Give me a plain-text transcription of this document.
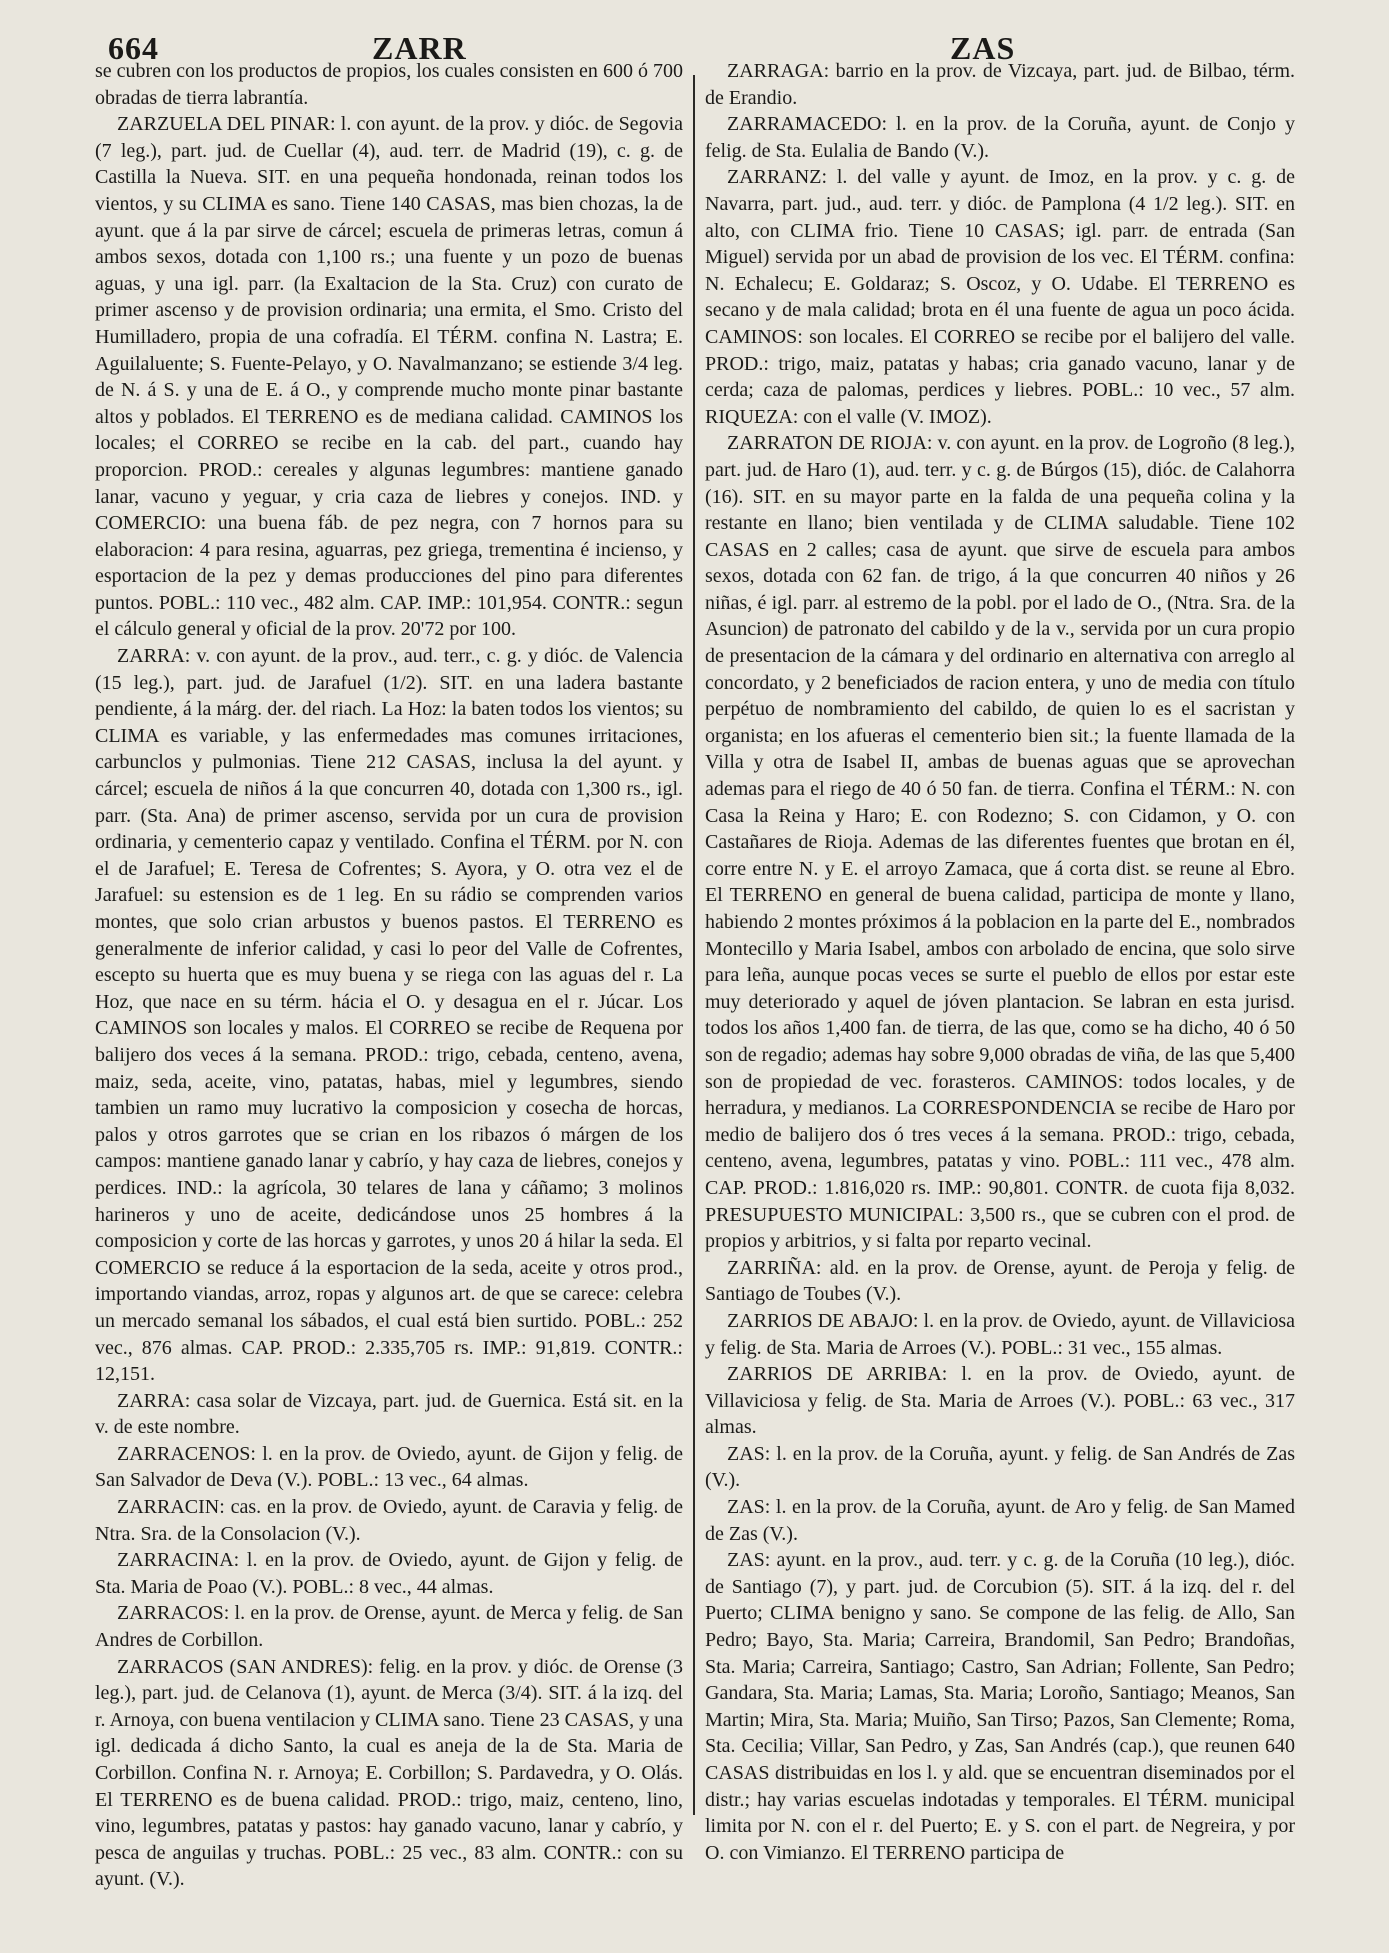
664	ZARR	ZAS

se cubren con los productos de propios, los cuales consisten en 600 ó 700 obradas de tierra labrantía.

ZARZUELA DEL PINAR: l. con ayunt. de la prov. y dióc. de Segovia (7 leg.), part. jud. de Cuellar (4), aud. terr. de Madrid (19), c. g. de Castilla la Nueva. SIT. en una pequeña hondonada, reinan todos los vientos, y su CLIMA es sano. Tiene 140 CASAS, mas bien chozas, la de ayunt. que á la par sirve de cárcel; escuela de primeras letras, comun á ambos sexos, dotada con 1,100 rs.; una fuente y un pozo de buenas aguas, y una igl. parr. (la Exaltacion de la Sta. Cruz) con curato de primer ascenso y de provision ordinaria; una ermita, el Smo. Cristo del Humilladero, propia de una cofradía. El TÉRM. confina N. Lastra; E. Aguilaluente; S. Fuente-Pelayo, y O. Navalmanzano; se estiende 3/4 leg. de N. á S. y una de E. á O., y comprende mucho monte pinar bastante altos y poblados. El TERRENO es de mediana calidad. CAMINOS los locales; el CORREO se recibe en la cab. del part., cuando hay proporcion. PROD.: cereales y algunas legumbres: mantiene ganado lanar, vacuno y yeguar, y cria caza de liebres y conejos. IND. y COMERCIO: una buena fáb. de pez negra, con 7 hornos para su elaboracion: 4 para resina, aguarras, pez griega, trementina é incienso, y esportacion de la pez y demas producciones del pino para diferentes puntos. POBL.: 110 vec., 482 alm. CAP. IMP.: 101,954. CONTR.: segun el cálculo general y oficial de la prov. 20'72 por 100.

ZARRA: v. con ayunt. de la prov., aud. terr., c. g. y dióc. de Valencia (15 leg.), part. jud. de Jarafuel (1/2). SIT. en una ladera bastante pendiente, á la márg. der. del riach. La Hoz: la baten todos los vientos; su CLIMA es variable, y las enfermedades mas comunes irritaciones, carbunclos y pulmonias. Tiene 212 CASAS, inclusa la del ayunt. y cárcel; escuela de niños á la que concurren 40, dotada con 1,300 rs., igl. parr. (Sta. Ana) de primer ascenso, servida por un cura de provision ordinaria, y cementerio capaz y ventilado. Confina el TÉRM. por N. con el de Jarafuel; E. Teresa de Cofrentes; S. Ayora, y O. otra vez el de Jarafuel: su estension es de 1 leg. En su rádio se comprenden varios montes, que solo crian arbustos y buenos pastos. El TERRENO es generalmente de inferior calidad, y casi lo peor del Valle de Cofrentes, escepto su huerta que es muy buena y se riega con las aguas del r. La Hoz, que nace en su térm. hácia el O. y desagua en el r. Júcar. Los CAMINOS son locales y malos. El CORREO se recibe de Requena por balijero dos veces á la semana. PROD.: trigo, cebada, centeno, avena, maiz, seda, aceite, vino, patatas, habas, miel y legumbres, siendo tambien un ramo muy lucrativo la composicion y cosecha de horcas, palos y otros garrotes que se crian en los ribazos ó márgen de los campos: mantiene ganado lanar y cabrío, y hay caza de liebres, conejos y perdices. IND.: la agrícola, 30 telares de lana y cáñamo; 3 molinos harineros y uno de aceite, dedicándose unos 25 hombres á la composicion y corte de las horcas y garrotes, y unos 20 á hilar la seda. El COMERCIO se reduce á la esportacion de la seda, aceite y otros prod., importando viandas, arroz, ropas y algunos art. de que se carece: celebra un mercado semanal los sábados, el cual está bien surtido. POBL.: 252 vec., 876 almas. CAP. PROD.: 2.335,705 rs. IMP.: 91,819. CONTR.: 12,151.

ZARRA: casa solar de Vizcaya, part. jud. de Guernica. Está sit. en la v. de este nombre.

ZARRACENOS: l. en la prov. de Oviedo, ayunt. de Gijon y felig. de San Salvador de Deva (V.). POBL.: 13 vec., 64 almas.

ZARRACIN: cas. en la prov. de Oviedo, ayunt. de Caravia y felig. de Ntra. Sra. de la Consolacion (V.).

ZARRACINA: l. en la prov. de Oviedo, ayunt. de Gijon y felig. de Sta. Maria de Poao (V.). POBL.: 8 vec., 44 almas.

ZARRACOS: l. en la prov. de Orense, ayunt. de Merca y felig. de San Andres de Corbillon.

ZARRACOS (SAN ANDRES): felig. en la prov. y dióc. de Orense (3 leg.), part. jud. de Celanova (1), ayunt. de Merca (3/4). SIT. á la izq. del r. Arnoya, con buena ventilacion y CLIMA sano. Tiene 23 CASAS, y una igl. dedicada á dicho Santo, la cual es aneja de la de Sta. Maria de Corbillon. Confina N. r. Arnoya; E. Corbillon; S. Pardavedra, y O. Olás. El TERRENO es de buena calidad. PROD.: trigo, maiz, centeno, lino, vino, legumbres, patatas y pastos: hay ganado vacuno, lanar y cabrío, y pesca de anguilas y truchas. POBL.: 25 vec., 83 alm. CONTR.: con su ayunt. (V.).

ZARRAGA: barrio en la prov. de Vizcaya, part. jud. de Bilbao, térm. de Erandio.

ZARRAMACEDO: l. en la prov. de la Coruña, ayunt. de Conjo y felig. de Sta. Eulalia de Bando (V.).

ZARRANZ: l. del valle y ayunt. de Imoz, en la prov. y c. g. de Navarra, part. jud., aud. terr. y dióc. de Pamplona (4 1/2 leg.). SIT. en alto, con CLIMA frio. Tiene 10 CASAS; igl. parr. de entrada (San Miguel) servida por un abad de provision de los vec. El TÉRM. confina: N. Echalecu; E. Goldaraz; S. Oscoz, y O. Udabe. El TERRENO es secano y de mala calidad; brota en él una fuente de agua un poco ácida. CAMINOS: son locales. El CORREO se recibe por el balijero del valle. PROD.: trigo, maiz, patatas y habas; cria ganado vacuno, lanar y de cerda; caza de palomas, perdices y liebres. POBL.: 10 vec., 57 alm. RIQUEZA: con el valle (V. IMOZ).

ZARRATON DE RIOJA: v. con ayunt. en la prov. de Logroño (8 leg.), part. jud. de Haro (1), aud. terr. y c. g. de Búrgos (15), dióc. de Calahorra (16). SIT. en su mayor parte en la falda de una pequeña colina y la restante en llano; bien ventilada y de CLIMA saludable. Tiene 102 CASAS en 2 calles; casa de ayunt. que sirve de escuela para ambos sexos, dotada con 62 fan. de trigo, á la que concurren 40 niños y 26 niñas, é igl. parr. al estremo de la pobl. por el lado de O., (Ntra. Sra. de la Asuncion) de patronato del cabildo y de la v., servida por un cura propio de presentacion de la cámara y del ordinario en alternativa con arreglo al concordato, y 2 beneficiados de racion entera, y uno de media con título perpétuo de nombramiento del cabildo, de quien lo es el sacristan y organista; en los afueras el cementerio bien sit.; la fuente llamada de la Villa y otra de Isabel II, ambas de buenas aguas que se aprovechan ademas para el riego de 40 ó 50 fan. de tierra. Confina el TÉRM.: N. con Casa la Reina y Haro; E. con Rodezno; S. con Cidamon, y O. con Castañares de Rioja. Ademas de las diferentes fuentes que brotan en él, corre entre N. y E. el arroyo Zamaca, que á corta dist. se reune al Ebro. El TERRENO en general de buena calidad, participa de monte y llano, habiendo 2 montes próximos á la poblacion en la parte del E., nombrados Montecillo y Maria Isabel, ambos con arbolado de encina, que solo sirve para leña, aunque pocas veces se surte el pueblo de ellos por estar este muy deteriorado y aquel de jóven plantacion. Se labran en esta jurisd. todos los años 1,400 fan. de tierra, de las que, como se ha dicho, 40 ó 50 son de regadio; ademas hay sobre 9,000 obradas de viña, de las que 5,400 son de propiedad de vec. forasteros. CAMINOS: todos locales, y de herradura, y medianos. La CORRESPONDENCIA se recibe de Haro por medio de balijero dos ó tres veces á la semana. PROD.: trigo, cebada, centeno, avena, legumbres, patatas y vino. POBL.: 111 vec., 478 alm. CAP. PROD.: 1.816,020 rs. IMP.: 90,801. CONTR. de cuota fija 8,032. PRESUPUESTO MUNICIPAL: 3,500 rs., que se cubren con el prod. de propios y arbitrios, y si falta por reparto vecinal.

ZARRIÑA: ald. en la prov. de Orense, ayunt. de Peroja y felig. de Santiago de Toubes (V.).

ZARRIOS DE ABAJO: l. en la prov. de Oviedo, ayunt. de Villaviciosa y felig. de Sta. Maria de Arroes (V.). POBL.: 31 vec., 155 almas.

ZARRIOS DE ARRIBA: l. en la prov. de Oviedo, ayunt. de Villaviciosa y felig. de Sta. Maria de Arroes (V.). POBL.: 63 vec., 317 almas.

ZAS: l. en la prov. de la Coruña, ayunt. y felig. de San Andrés de Zas (V.).

ZAS: l. en la prov. de la Coruña, ayunt. de Aro y felig. de San Mamed de Zas (V.).

ZAS: ayunt. en la prov., aud. terr. y c. g. de la Coruña (10 leg.), dióc. de Santiago (7), y part. jud. de Corcubion (5). SIT. á la izq. del r. del Puerto; CLIMA benigno y sano. Se compone de las felig. de Allo, San Pedro; Bayo, Sta. Maria; Carreira, Brandomil, San Pedro; Brandoñas, Sta. Maria; Carreira, Santiago; Castro, San Adrian; Follente, San Pedro; Gandara, Sta. Maria; Lamas, Sta. Maria; Loroño, Santiago; Meanos, San Martin; Mira, Sta. Maria; Muiño, San Tirso; Pazos, San Clemente; Roma, Sta. Cecilia; Villar, San Pedro, y Zas, San Andrés (cap.), que reunen 640 CASAS distribuidas en los l. y ald. que se encuentran diseminados por el distr.; hay varias escuelas indotadas y temporales. El TÉRM. municipal limita por N. con el r. del Puerto; E. y S. con el part. de Negreira, y por O. con Vimianzo. El TERRENO participa de
